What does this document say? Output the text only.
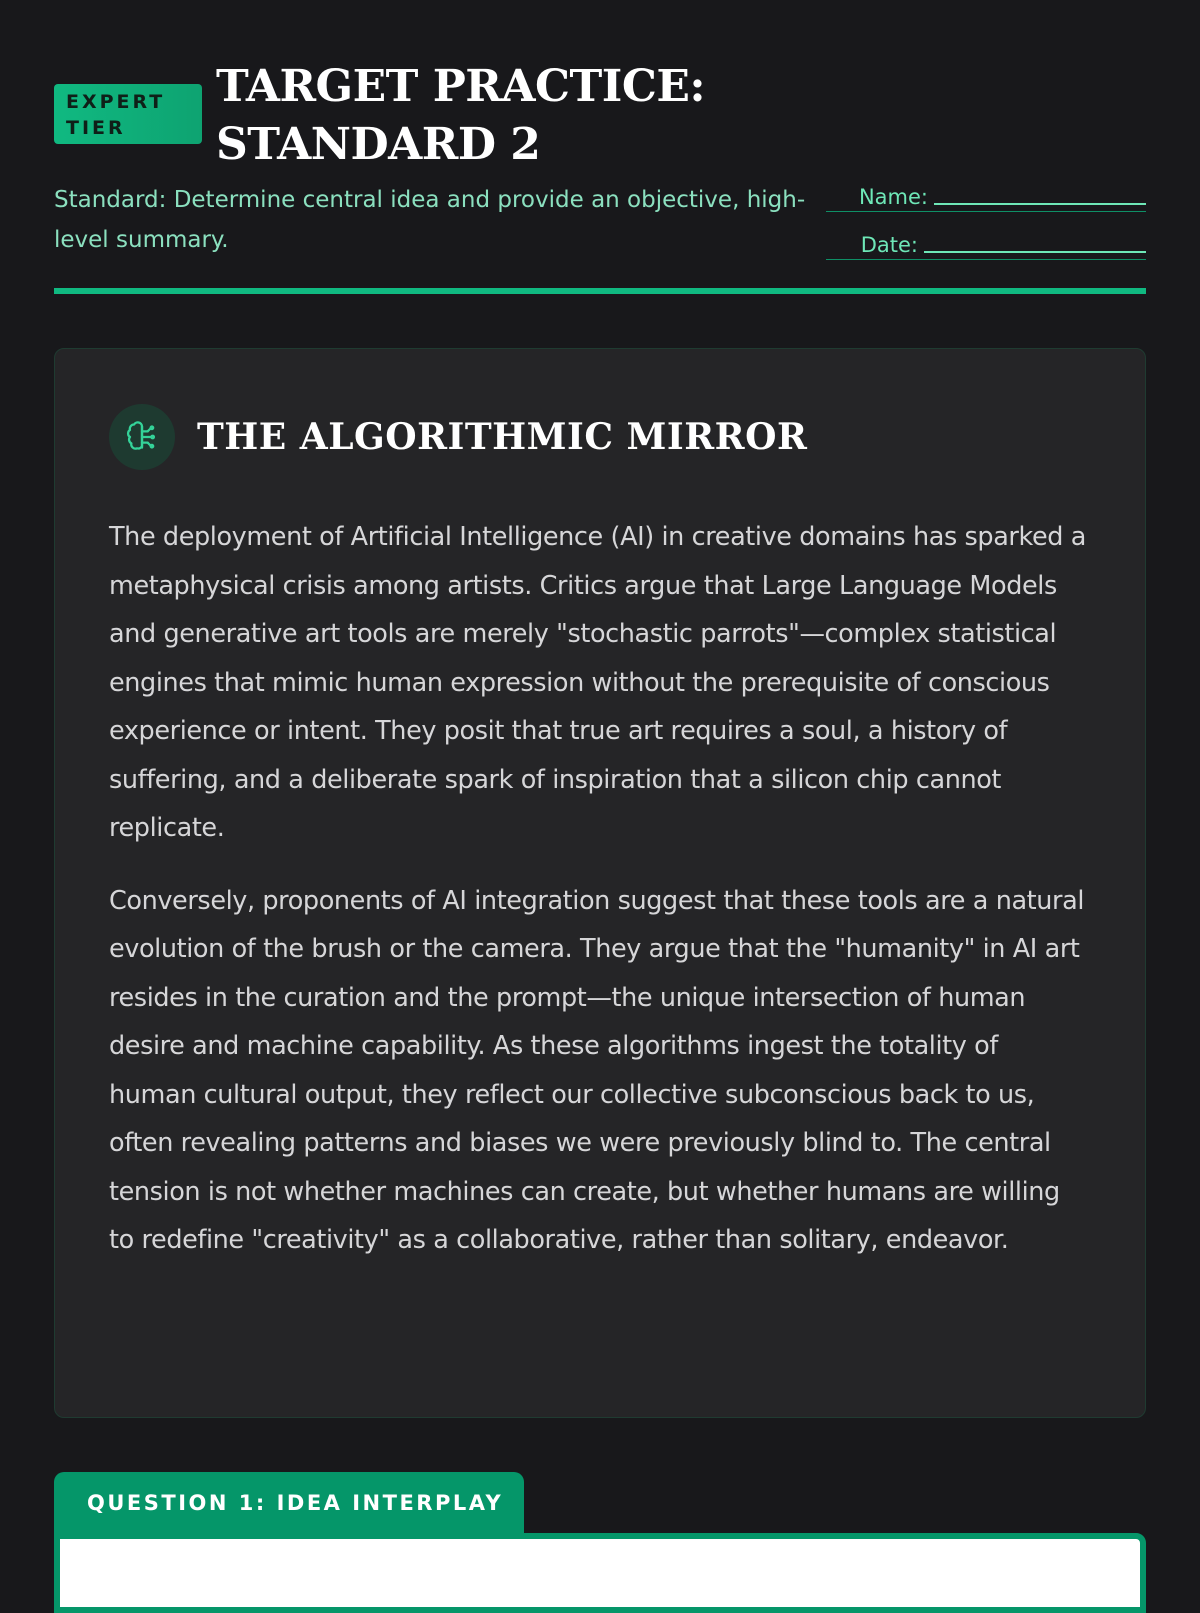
EXPERT TIER
TARGET PRACTICE: STANDARD 2

Standard: Determine central idea and provide an objective, high-level summary.

Name:
Date:
THE ALGORITHMIC MIRROR

The deployment of Artificial Intelligence (AI) in creative domains has sparked a metaphysical crisis among artists. Critics argue that Large Language Models and generative art tools are merely "stochastic parrots"—complex statistical engines that mimic human expression without the prerequisite of conscious experience or intent. They posit that true art requires a soul, a history of suffering, and a deliberate spark of inspiration that a silicon chip cannot replicate.

Conversely, proponents of AI integration suggest that these tools are a natural evolution of the brush or the camera. They argue that the "humanity" in AI art resides in the curation and the prompt—the unique intersection of human desire and machine capability. As these algorithms ingest the totality of human cultural output, they reflect our collective subconscious back to us, often revealing patterns and biases we were previously blind to. The central tension is not whether machines can create, but whether humans are willing to redefine "creativity" as a collaborative, rather than solitary, endeavor.

QUESTION 1: IDEA INTERPLAY
